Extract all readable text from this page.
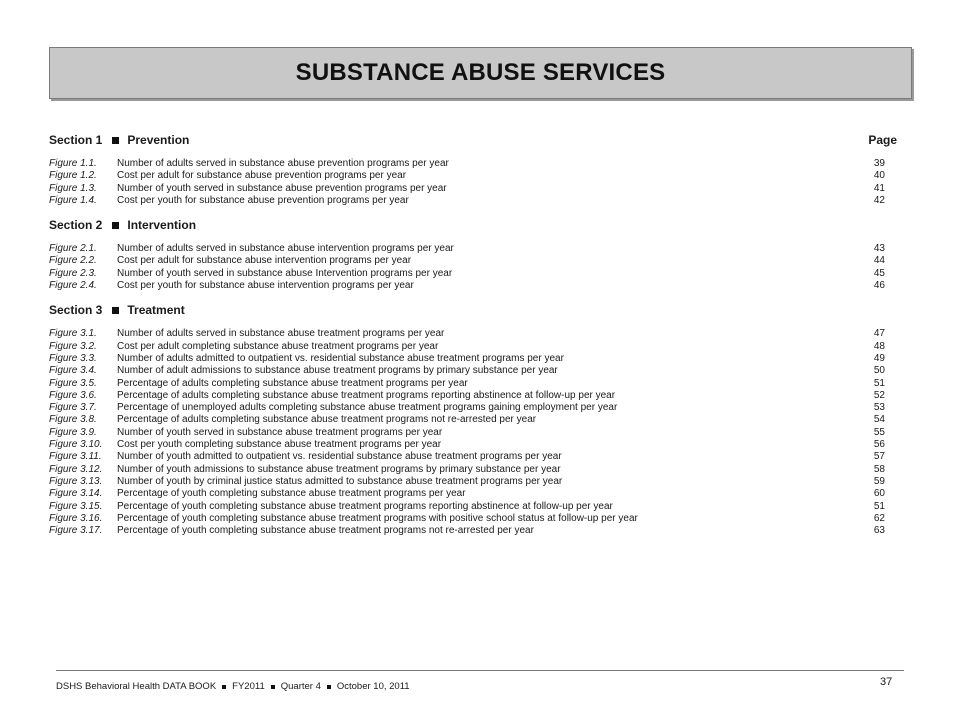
SUBSTANCE ABUSE SERVICES
Section 1 Prevention	Page
Figure 1.1.	Number of adults served in substance abuse prevention programs per year	39
Figure 1.2.	Cost per adult for substance abuse prevention programs per year	40
Figure 1.3.	Number of youth served in substance abuse prevention programs per year	41
Figure 1.4.	Cost per youth for substance abuse prevention programs per year	42
Section 2 Intervention
Figure 2.1.	Number of adults served in substance abuse intervention programs per year	43
Figure 2.2.	Cost per adult for substance abuse intervention programs per year	44
Figure 2.3.	Number of youth served in substance abuse Intervention programs per year	45
Figure 2.4.	Cost per youth for substance abuse intervention programs per year	46
Section 3 Treatment
Figure 3.1.	Number of adults served in substance abuse treatment programs per year	47
Figure 3.2.	Cost per adult completing substance abuse treatment programs per year	48
Figure 3.3.	Number of adults admitted to outpatient vs. residential substance abuse treatment programs per year	49
Figure 3.4.	Number of adult admissions to substance abuse treatment programs by primary substance per year	50
Figure 3.5.	Percentage of adults completing substance abuse treatment programs per year	51
Figure 3.6.	Percentage of adults completing substance abuse treatment programs reporting abstinence at follow-up per year	52
Figure 3.7.	Percentage of unemployed adults completing substance abuse treatment programs gaining employment per year	53
Figure 3.8.	Percentage of adults completing substance abuse treatment programs not re-arrested per year	54
Figure 3.9.	Number of youth served in substance abuse treatment programs per year	55
Figure 3.10.	Cost per youth completing substance abuse treatment programs per year	56
Figure 3.11.	Number of youth admitted to outpatient vs. residential substance abuse treatment programs per year	57
Figure 3.12.	Number of youth admissions to substance abuse treatment programs by primary substance per year	58
Figure 3.13.	Number of youth by criminal justice status admitted to substance abuse treatment programs per year	59
Figure 3.14.	Percentage of youth completing substance abuse treatment programs per year	60
Figure 3.15.	Percentage of youth completing substance abuse treatment programs reporting abstinence at follow-up per year	51
Figure 3.16.	Percentage of youth completing substance abuse treatment programs with positive school status at follow-up per year	62
Figure 3.17.	Percentage of youth completing substance abuse treatment programs not re-arrested per year	63
DSHS Behavioral Health DATA BOOK FY2011 Quarter 4 October 10, 2011	37
